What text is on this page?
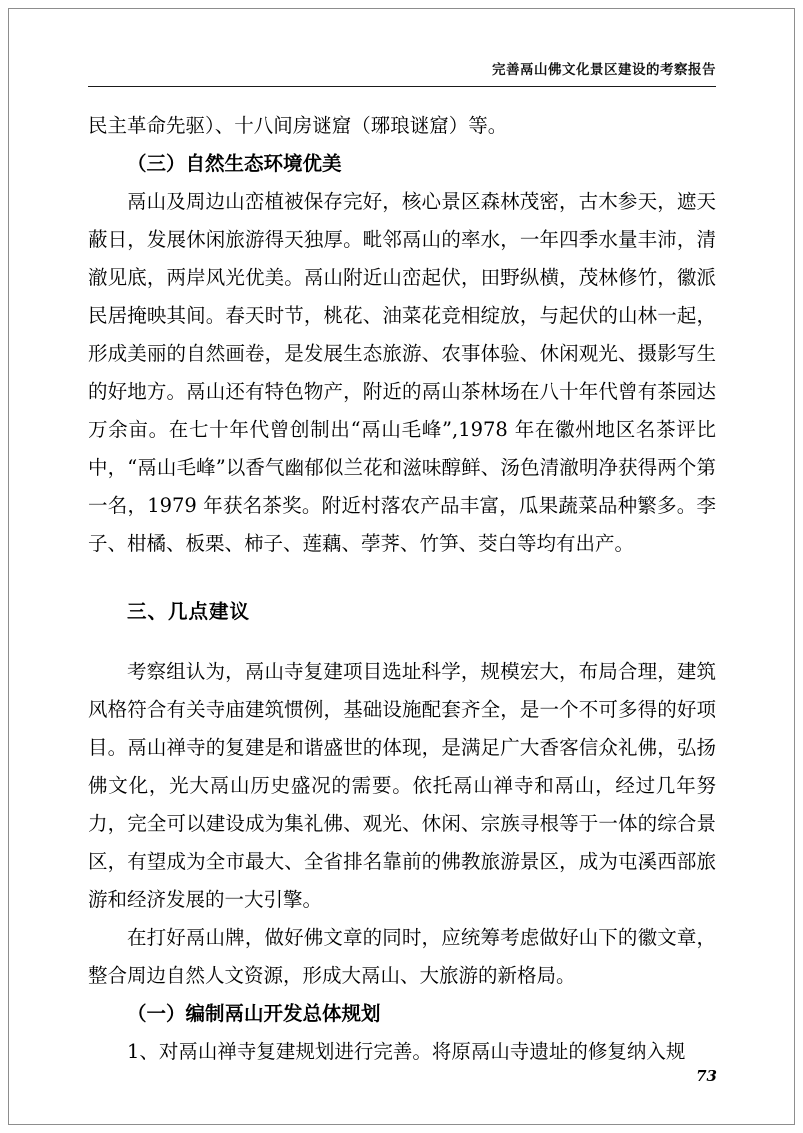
完善鬲山佛文化景区建设的考察报告

民主革命先驱）、十八间房谜窟（琊琅谜窟）等。

（三）自然生态环境优美

鬲山及周边山峦植被保存完好，核心景区森林茂密，古木参天，遮天蔽日，发展休闲旅游得天独厚。毗邻鬲山的率水，一年四季水量丰沛，清澈见底，两岸风光优美。鬲山附近山峦起伏，田野纵横，茂林修竹，徽派民居掩映其间。春天时节，桃花、油菜花竞相绽放，与起伏的山林一起，形成美丽的自然画卷，是发展生态旅游、农事体验、休闲观光、摄影写生的好地方。鬲山还有特色物产，附近的鬲山茶林场在八十年代曾有茶园达万余亩。在七十年代曾创制出“鬲山毛峰”,1978 年在徽州地区名茶评比中，“鬲山毛峰”以香气幽郁似兰花和滋味醇鲜、汤色清澈明净获得两个第一名，1979 年获名茶奖。附近村落农产品丰富，瓜果蔬菜品种繁多。李子、柑橘、板栗、柿子、莲藕、荸荠、竹笋、茭白等均有出产。

三、几点建议

考察组认为，鬲山寺复建项目选址科学，规模宏大，布局合理，建筑风格符合有关寺庙建筑惯例，基础设施配套齐全，是一个不可多得的好项目。鬲山禅寺的复建是和谐盛世的体现，是满足广大香客信众礼佛，弘扬佛文化，光大鬲山历史盛况的需要。依托鬲山禅寺和鬲山，经过几年努力，完全可以建设成为集礼佛、观光、休闲、宗族寻根等于一体的综合景区，有望成为全市最大、全省排名靠前的佛教旅游景区，成为屯溪西部旅游和经济发展的一大引擎。

在打好鬲山牌，做好佛文章的同时，应统筹考虑做好山下的徽文章，整合周边自然人文资源，形成大鬲山、大旅游的新格局。

（一）编制鬲山开发总体规划

1、对鬲山禅寺复建规划进行完善。将原鬲山寺遗址的修复纳入规

73
